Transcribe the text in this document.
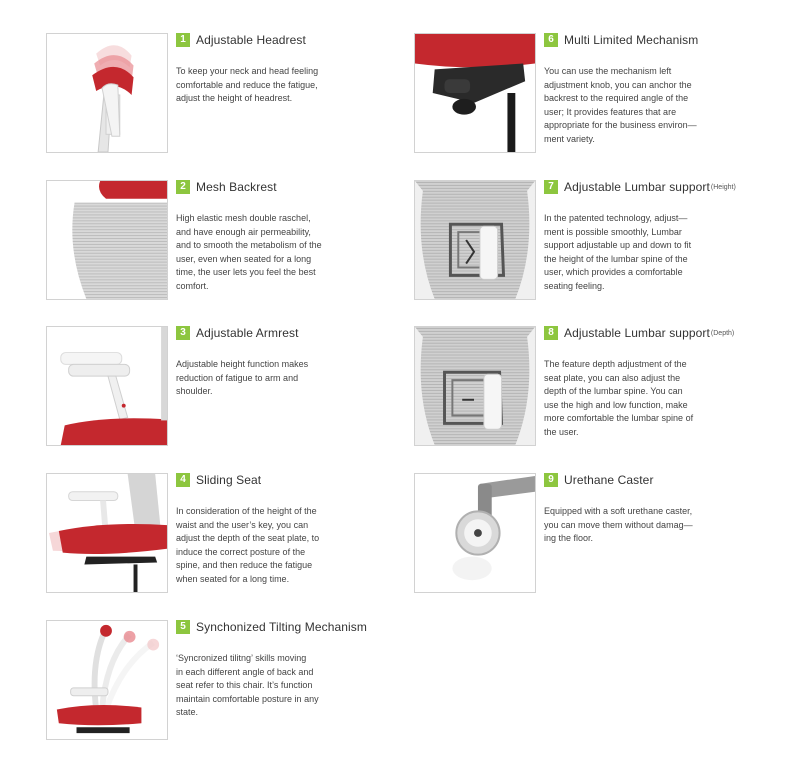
1 Adjustable Headrest
To keep your neck and head feeling
comfortable and reduce the fatigue,
adjust the height of headrest.
2 Mesh Backrest
High elastic mesh double raschel,
and have enough air permeability,
and to smooth the metabolism of the
user, even when seated for a long
time, the user lets you feel the best
comfort.
3 Adjustable Armrest
Adjustable height function makes
reduction of fatigue to arm and
shoulder.
4 Sliding Seat
In consideration of the height of the
waist and the user’s key, you can
adjust the depth of the seat plate, to
induce the correct posture of the
spine, and then reduce the fatigue
when seated for a long time.
5 Synchonized Tilting Mechanism
‘Syncronized tilitng’ skills moving
in each different angle of back and
seat refer to this chair. It’s function
maintain comfortable posture in any
state.
6 Multi Limited Mechanism
You can use the mechanism left
adjustment knob, you can anchor the
backrest to the required angle of the
user; It provides features that are
appropriate for the business environ—
ment variety.
7 Adjustable Lumbar support (Height)
In the patented technology, adjust—
ment is possible smoothly, Lumbar
support adjustable up and down to fit
the height of the lumbar spine of the
user, which provides a comfortable
seating feeling.
8 Adjustable Lumbar support (Depth)
The feature depth adjustment of the
seat plate, you can also adjust the
depth of the lumbar spine. You can
use the high and low function, make
more comfortable the lumbar spine of
the user.
9 Urethane Caster
Equipped with a soft urethane caster,
you can move them without damag—
ing the floor.
